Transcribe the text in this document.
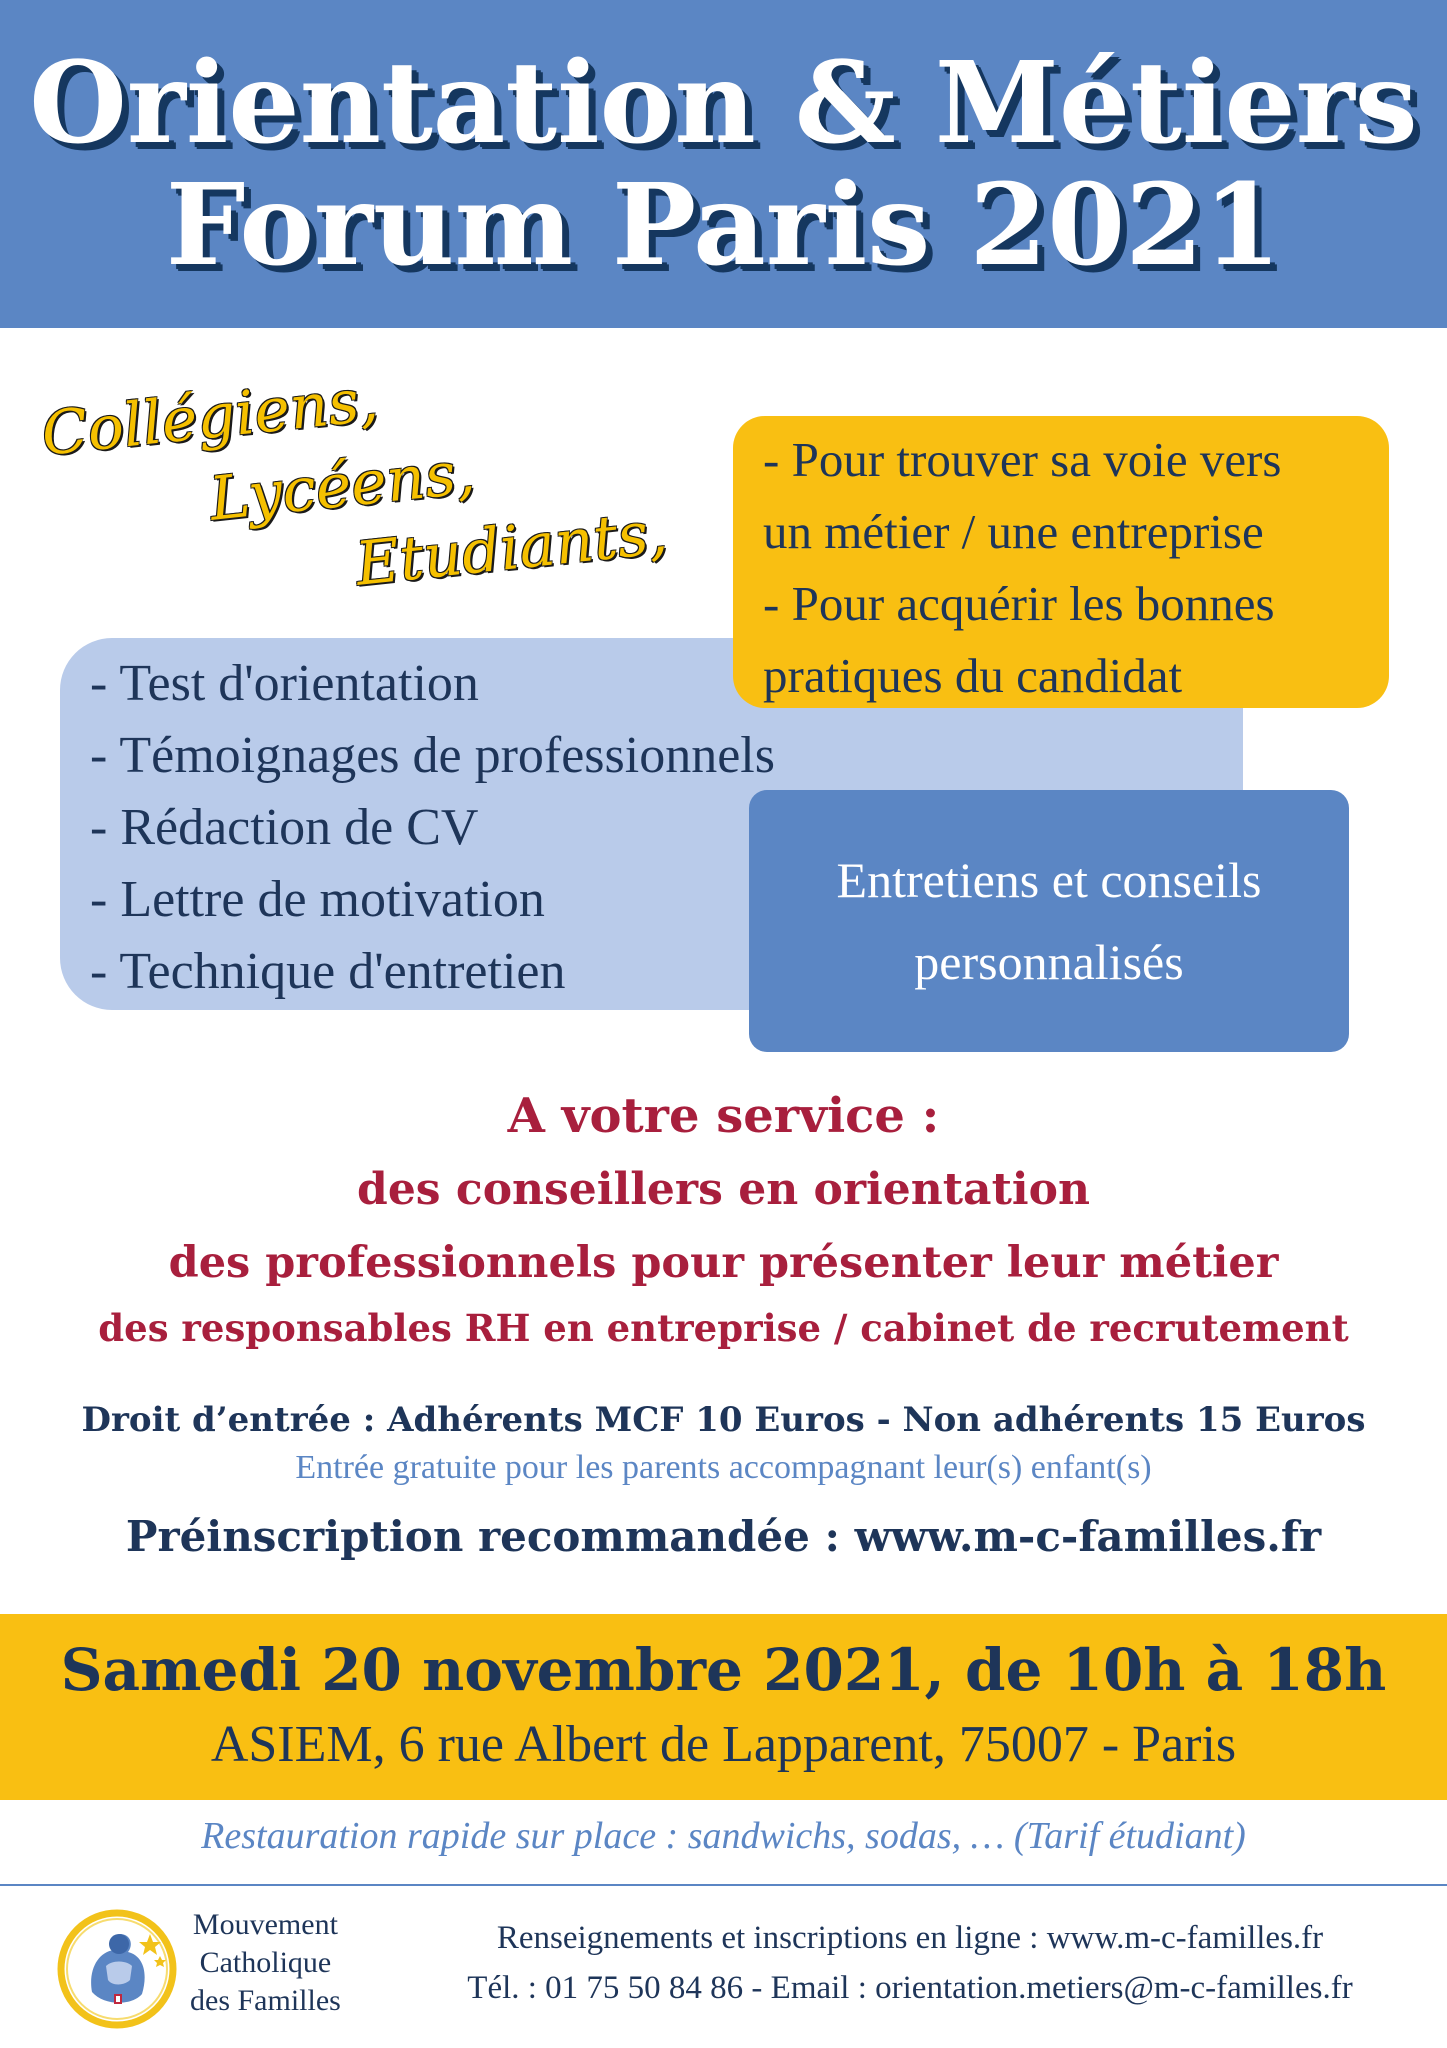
Orientation & Métiers
Forum Paris 2021
Collégiens,
Lycéens,
Etudiants,
- Test d'orientation
- Témoignages de professionnels
- Rédaction de CV
- Lettre de motivation
- Technique d'entretien

- Pour trouver sa voie vers

un métier / une entreprise

- Pour acquérir les bonnes

pratiques du candidat

Entretiens et conseils

personnalisés

A votre service :

des conseillers en orientation

des professionnels pour présenter leur métier

des responsables RH en entreprise / cabinet de recrutement

Droit d’entrée : Adhérents MCF 10 Euros - Non adhérents 15 Euros

Entrée gratuite pour les parents accompagnant leur(s) enfant(s)

Préinscription recommandée : www.m-c-familles.fr

Samedi 20 novembre 2021, de 10h à 18h

ASIEM, 6 rue Albert de Lapparent, 75007 - Paris

Restauration rapide sur place : sandwichs, sodas, … (Tarif étudiant)

Mouvement
Catholique
des Familles

Renseignements et inscriptions en ligne : www.m-c-familles.fr

Tél. : 01 75 50 84 86 - Email : orientation.metiers@m-c-familles.fr
